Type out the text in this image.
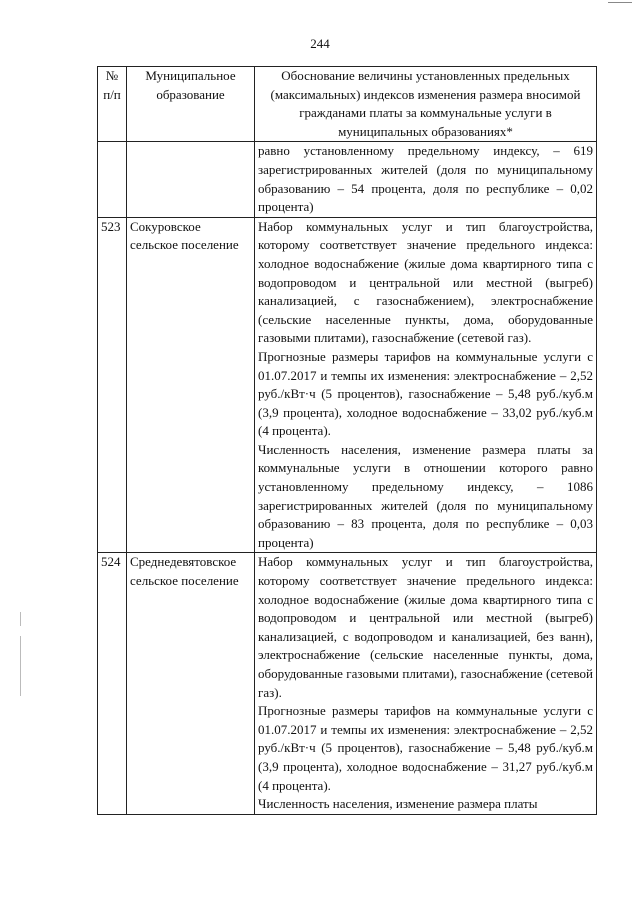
244
№ п/п	Муниципальное образование	Обоснование величины установленных предельных (максимальных) индексов изменения размера вносимой гражданами платы за коммунальные услуги в муниципальных образованиях*
		равно установленному предельному индексу, – 619 зарегистрированных жителей (доля по муниципальному образованию – 54 процента, доля по республике – 0,02 процента)
523	Сокуровское сельское поселение	Набор коммунальных услуг и тип благоустройства, которому соответствует значение предельного индекса: холодное водоснабжение (жилые дома квартирного типа с водопроводом и центральной или местной (выгреб) канализацией, с газоснабжением), электроснабжение (сельские населенные пункты, дома, оборудованные газовыми плитами), газоснабжение (сетевой газ).

Прогнозные размеры тарифов на коммунальные услуги с 01.07.2017 и темпы их изменения: электроснабжение – 2,52 руб./кВт·ч (5 процентов), газоснабжение – 5,48 руб./куб.м (3,9 процента), холодное водоснабжение – 33,02 руб./куб.м (4 процента).

Численность населения, изменение размера платы за коммунальные услуги в отношении которого равно установленному предельному индексу, – 1086 зарегистрированных жителей (доля по муниципальному образованию – 83 процента, доля по республике – 0,03 процента)

524	Среднедевятовское сельское поселение	Набор коммунальных услуг и тип благоустройства, которому соответствует значение предельного индекса: холодное водоснабжение (жилые дома квартирного типа с водопроводом и центральной или местной (выгреб) канализацией, с водопроводом и канализацией, без ванн), электроснабжение (сельские населенные пункты, дома, оборудованные газовыми плитами), газоснабжение (сетевой газ).

Прогнозные размеры тарифов на коммунальные услуги с 01.07.2017 и темпы их изменения: электроснабжение – 2,52 руб./кВт·ч (5 процентов), газоснабжение – 5,48 руб./куб.м (3,9 процента), холодное водоснабжение – 31,27 руб./куб.м (4 процента).

Численность населения, изменение размера платы
